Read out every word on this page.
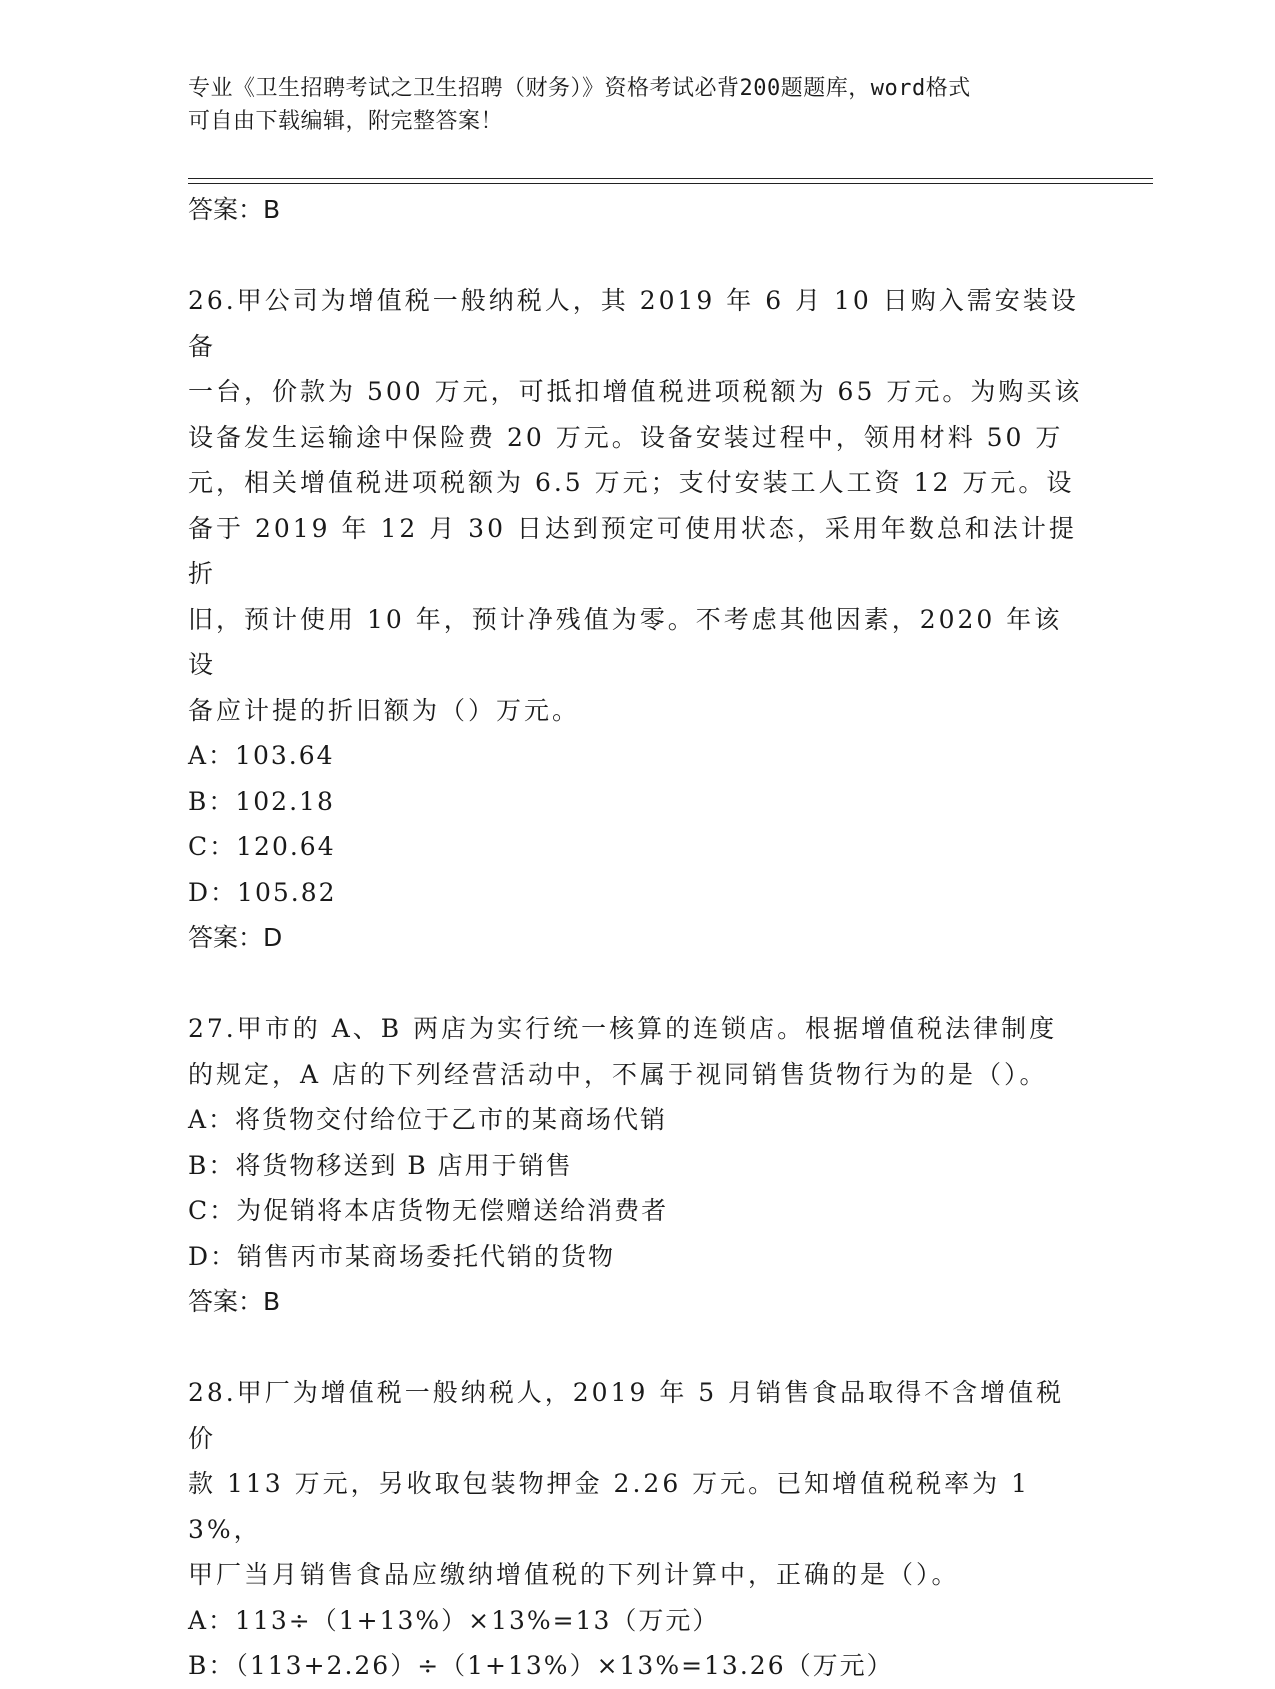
专业《卫生招聘考试之卫生招聘（财务）》资格考试必背200题题库，word格式
可自由下载编辑，附完整答案！
答案：B
26.甲公司为增值税一般纳税人，其 2019 年 6 月 10 日购入需安装设备
一台，价款为 500 万元，可抵扣增值税进项税额为 65 万元。为购买该
设备发生运输途中保险费 20 万元。设备安装过程中，领用材料 50 万
元，相关增值税进项税额为 6.5 万元；支付安装工人工资 12 万元。设
备于 2019 年 12 月 30 日达到预定可使用状态，采用年数总和法计提折
旧，预计使用 10 年，预计净残值为零。不考虑其他因素，2020 年该设
备应计提的折旧额为（）万元。
A：103.64
B：102.18
C：120.64
D：105.82
答案：D
27.甲市的 A、B 两店为实行统一核算的连锁店。根据增值税法律制度
的规定，A 店的下列经营活动中，不属于视同销售货物行为的是（）。
A：将货物交付给位于乙市的某商场代销
B：将货物移送到 B 店用于销售
C：为促销将本店货物无偿赠送给消费者
D：销售丙市某商场委托代销的货物
答案：B
28.甲厂为增值税一般纳税人，2019 年 5 月销售食品取得不含增值税价
款 113 万元，另收取包装物押金 2.26 万元。已知增值税税率为 13%，
甲厂当月销售食品应缴纳增值税的下列计算中，正确的是（）。
A：113÷（1+13%）×13%=13（万元）
B：（113+2.26）÷（1+13%）×13%=13.26（万元）
